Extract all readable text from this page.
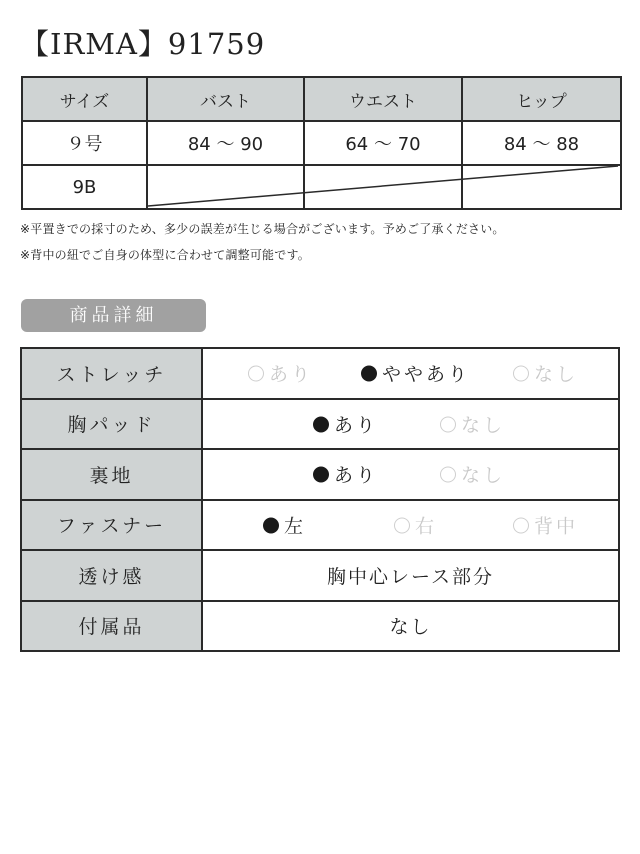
【IRMA】91759
サイズ	バスト	ウエスト	ヒップ
９号	84 ～ 90	64 ～ 70	84 ～ 88
9B			
※平置きでの採寸のため、多少の誤差が生じる場合がございます。予めご了承ください。
※背中の紐でご自身の体型に合わせて調整可能です。
商品詳細
ストレッチ	あり ややあり なし

胸パッド	あり なし

裏地	あり なし

ファスナー	左 右 背中

透け感	胸中心レース部分
付属品	なし
